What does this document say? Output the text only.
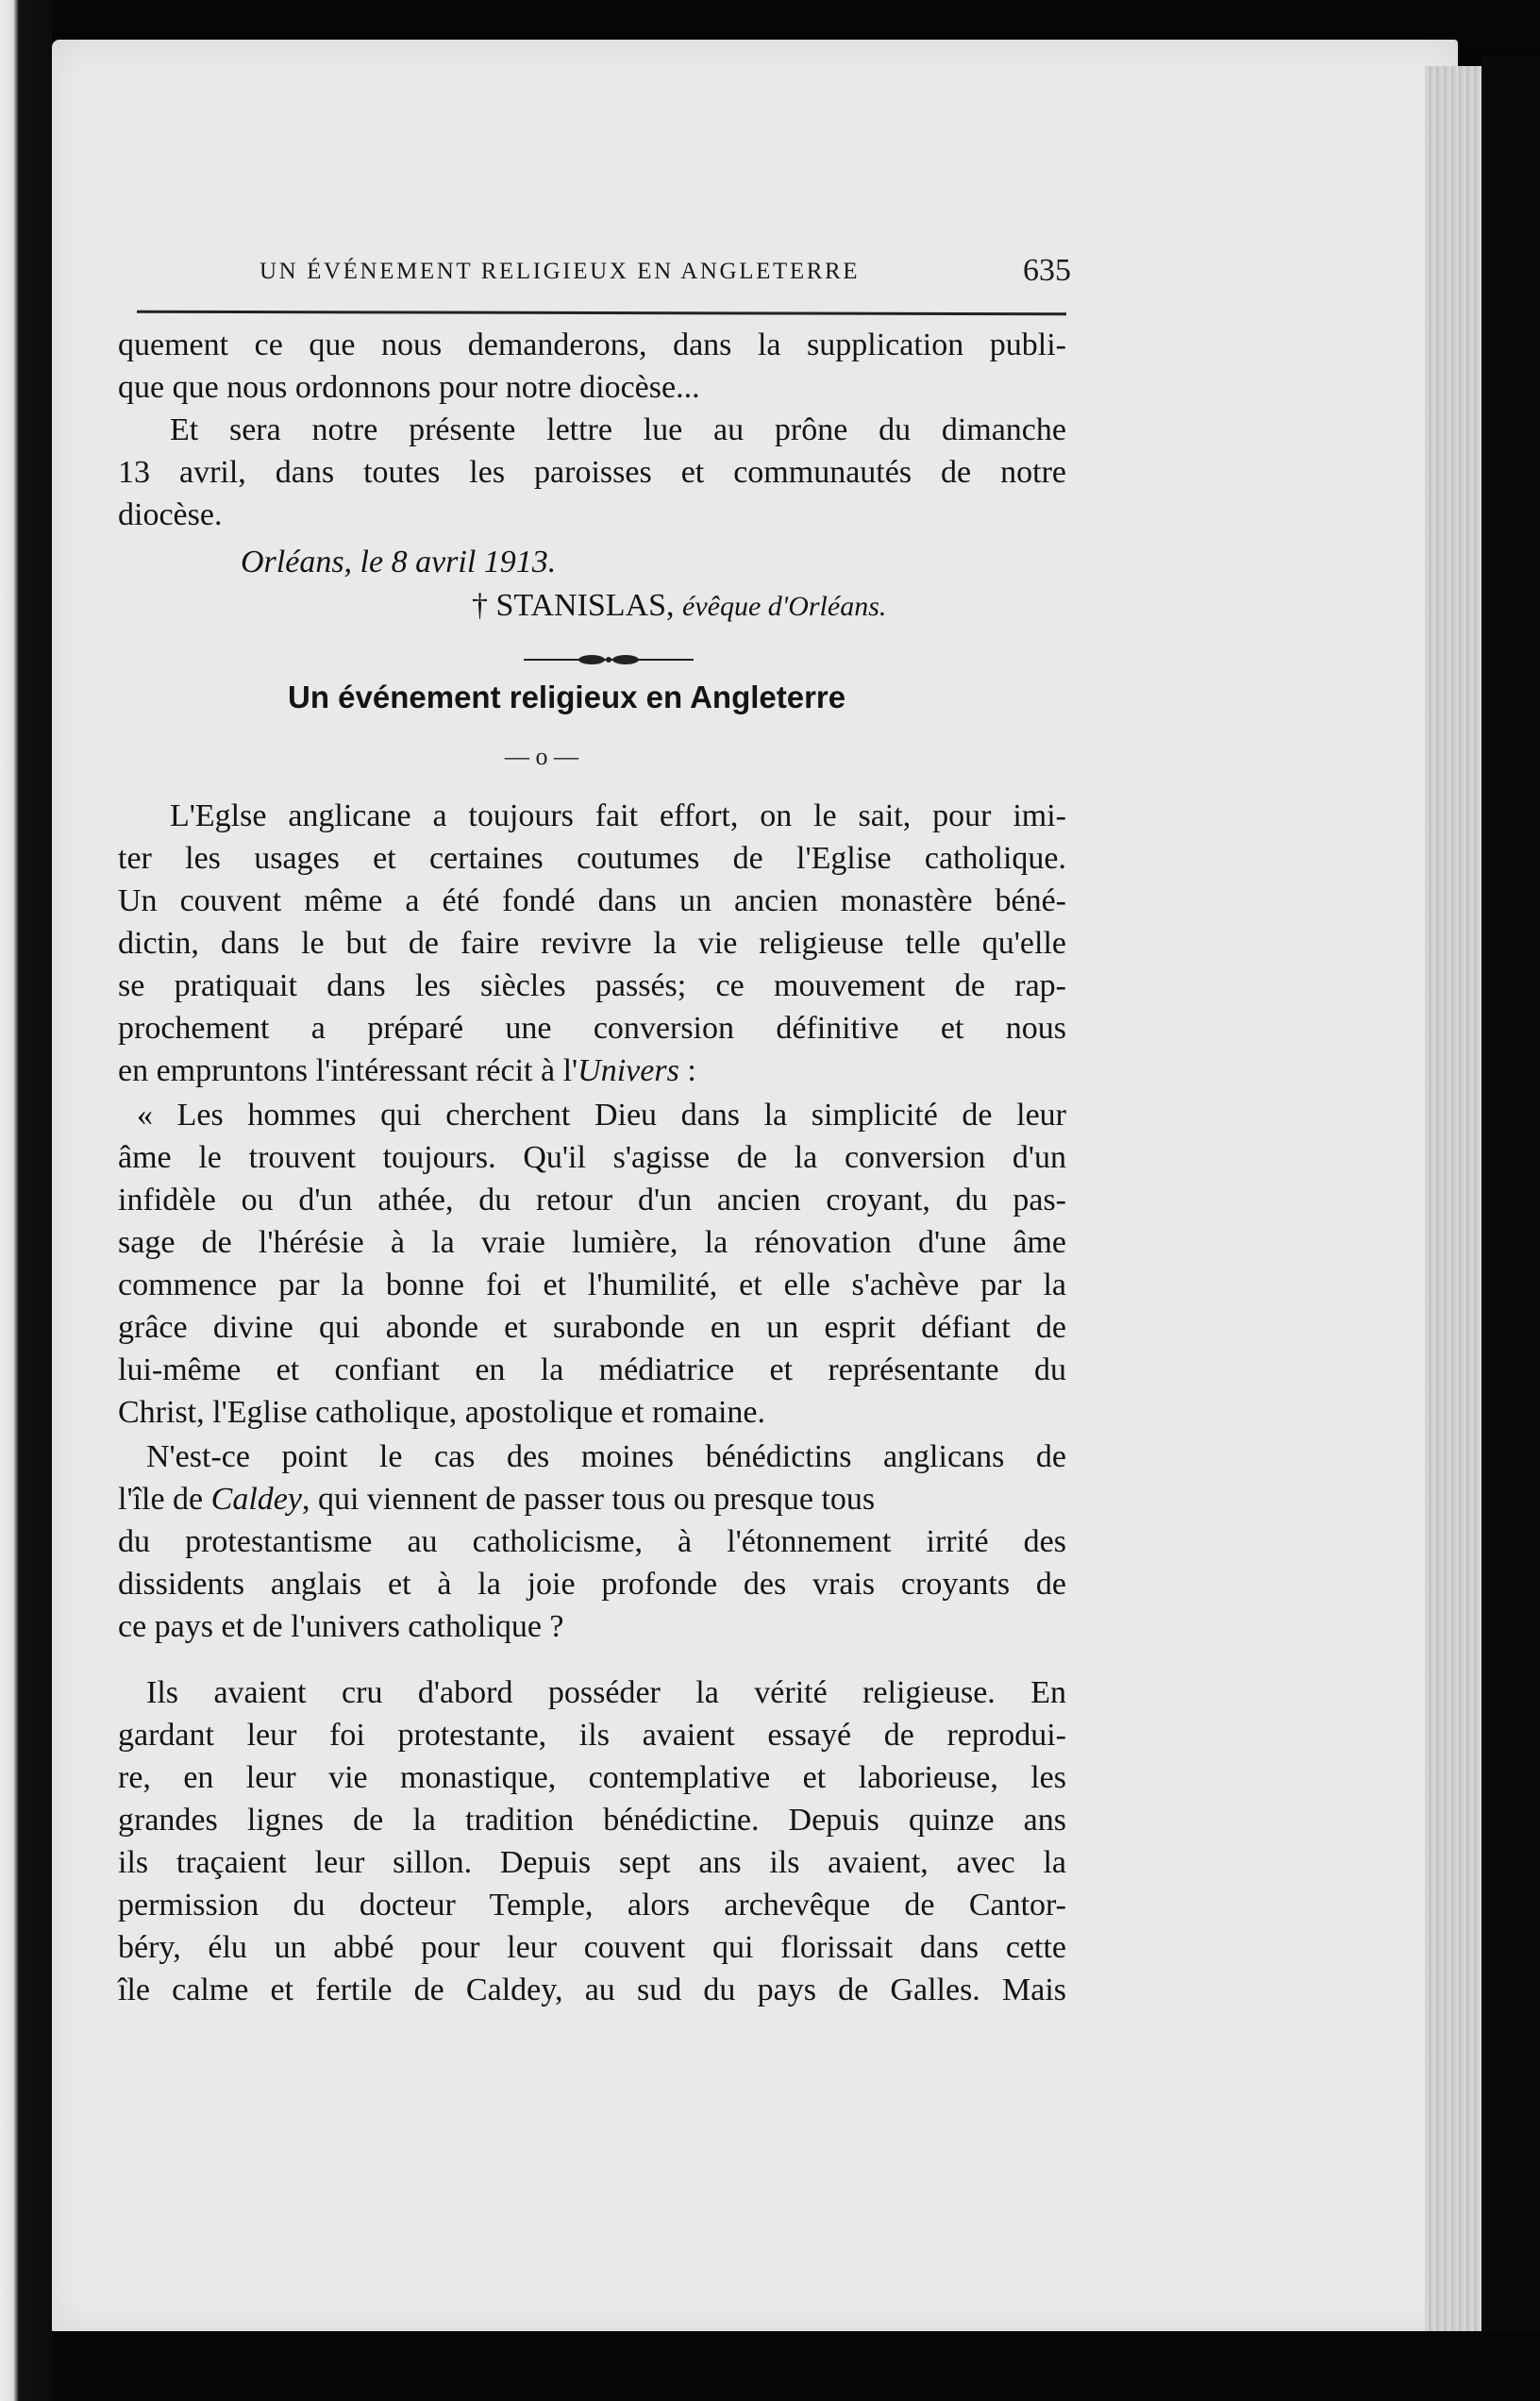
UN ÉVÉNEMENT RELIGIEUX EN ANGLETERRE	635
quement ce que nous demanderons, dans la supplication publi-
que que nous ordonnons pour notre diocèse...
Et sera notre présente lettre lue au prône du dimanche
13 avril, dans toutes les paroisses et communautés de notre
diocèse.
Orléans, le 8 avril 1913.
† STANISLAS, évêque d'Orléans.
Un événement religieux en Angleterre
— o —
L'Eglse anglicane a toujours fait effort, on le sait, pour imi-
ter les usages et certaines coutumes de l'Eglise catholique.
Un couvent même a été fondé dans un ancien monastère béné-
dictin, dans le but de faire revivre la vie religieuse telle qu'elle
se pratiquait dans les siècles passés; ce mouvement de rap-
prochement a préparé une conversion définitive et nous
en empruntons l'intéressant récit à l'Univers :
« Les hommes qui cherchent Dieu dans la simplicité de leur
âme le trouvent toujours. Qu'il s'agisse de la conversion d'un
infidèle ou d'un athée, du retour d'un ancien croyant, du pas-
sage de l'hérésie à la vraie lumière, la rénovation d'une âme
commence par la bonne foi et l'humilité, et elle s'achève par la
grâce divine qui abonde et surabonde en un esprit défiant de
lui-même et confiant en la médiatrice et représentante du
Christ, l'Eglise catholique, apostolique et romaine.
N'est-ce point le cas des moines bénédictins anglicans de
l'île de Caldey, qui viennent de passer tous ou presque tous
du protestantisme au catholicisme, à l'étonnement irrité des
dissidents anglais et à la joie profonde des vrais croyants de
ce pays et de l'univers catholique ?
Ils avaient cru d'abord posséder la vérité religieuse. En
gardant leur foi protestante, ils avaient essayé de reprodui-
re, en leur vie monastique, contemplative et laborieuse, les
grandes lignes de la tradition bénédictine. Depuis quinze ans
ils traçaient leur sillon. Depuis sept ans ils avaient, avec la
permission du docteur Temple, alors archevêque de Cantor-
béry, élu un abbé pour leur couvent qui florissait dans cette
île calme et fertile de Caldey, au sud du pays de Galles. Mais
